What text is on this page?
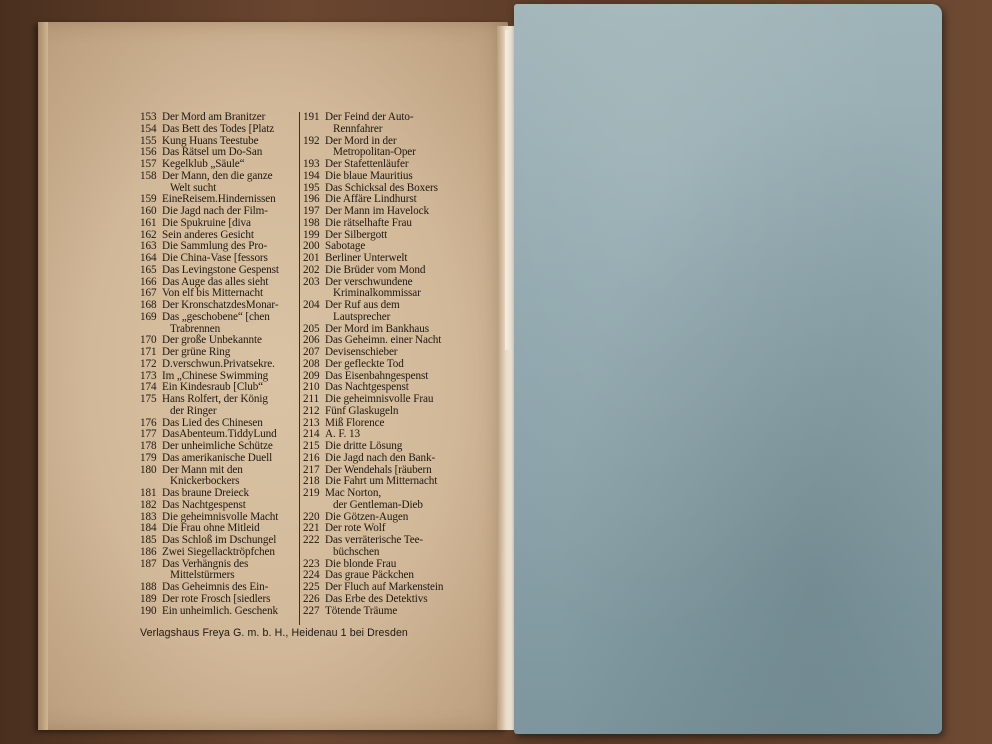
153 Der Mord am Branitzer
154 Das Bett des Todes [Platz
155 Kung Huans Teestube
156 Das Rätsel um Do-San
157 Kegelklub „Säule“
158 Der Mann, den die ganze
Welt sucht
159 EineReisem.Hindernissen
160 Die Jagd nach der Film-
161 Die Spukruine [diva
162 Sein anderes Gesicht
163 Die Sammlung des Pro-
164 Die China-Vase [fessors
165 Das Levingstone Gespenst
166 Das Auge das alles sieht
167 Von elf bis Mitternacht
168 Der KronschatzdesMonar-
169 Das „geschobene“ [chen
Trabrennen
170 Der große Unbekannte
171 Der grüne Ring
172 D.verschwun.Privatsekre.
173 Im „Chinese Swimming
174 Ein Kindesraub [Club“
175 Hans Rolfert, der König
der Ringer
176 Das Lied des Chinesen
177 DasAbenteum.TiddyLund
178 Der unheimliche Schütze
179 Das amerikanische Duell
180 Der Mann mit den
Knickerbockers
181 Das braune Dreieck
182 Das Nachtgespenst
183 Die geheimnisvolle Macht
184 Die Frau ohne Mitleid
185 Das Schloß im Dschungel
186 Zwei Siegellacktröpfchen
187 Das Verhängnis des
Mittelstürmers
188 Das Geheimnis des Ein-
189 Der rote Frosch [siedlers
190 Ein unheimlich. Geschenk
191 Der Feind der Auto-
Rennfahrer
192 Der Mord in der
Metropolitan-Oper
193 Der Stafettenläufer
194 Die blaue Mauritius
195 Das Schicksal des Boxers
196 Die Affäre Lindhurst
197 Der Mann im Havelock
198 Die rätselhafte Frau
199 Der Silbergott
200 Sabotage
201 Berliner Unterwelt
202 Die Brüder vom Mond
203 Der verschwundene
Kriminalkommissar
204 Der Ruf aus dem
Lautsprecher
205 Der Mord im Bankhaus
206 Das Geheimn. einer Nacht
207 Devisenschieber
208 Der gefleckte Tod
209 Das Eisenbahngespenst
210 Das Nachtgespenst
211 Die geheimnisvolle Frau
212 Fünf Glaskugeln
213 Miß Florence
214 A. F. 13
215 Die dritte Lösung
216 Die Jagd nach den Bank-
217 Der Wendehals [räubern
218 Die Fahrt um Mitternacht
219 Mac Norton,
der Gentleman-Dieb
220 Die Götzen-Augen
221 Der rote Wolf
222 Das verräterische Tee-
büchschen
223 Die blonde Frau
224 Das graue Päckchen
225 Der Fluch auf Markenstein
226 Das Erbe des Detektivs
227 Tötende Träume
Verlagshaus Freya G. m. b. H., Heidenau 1 bei Dresden
